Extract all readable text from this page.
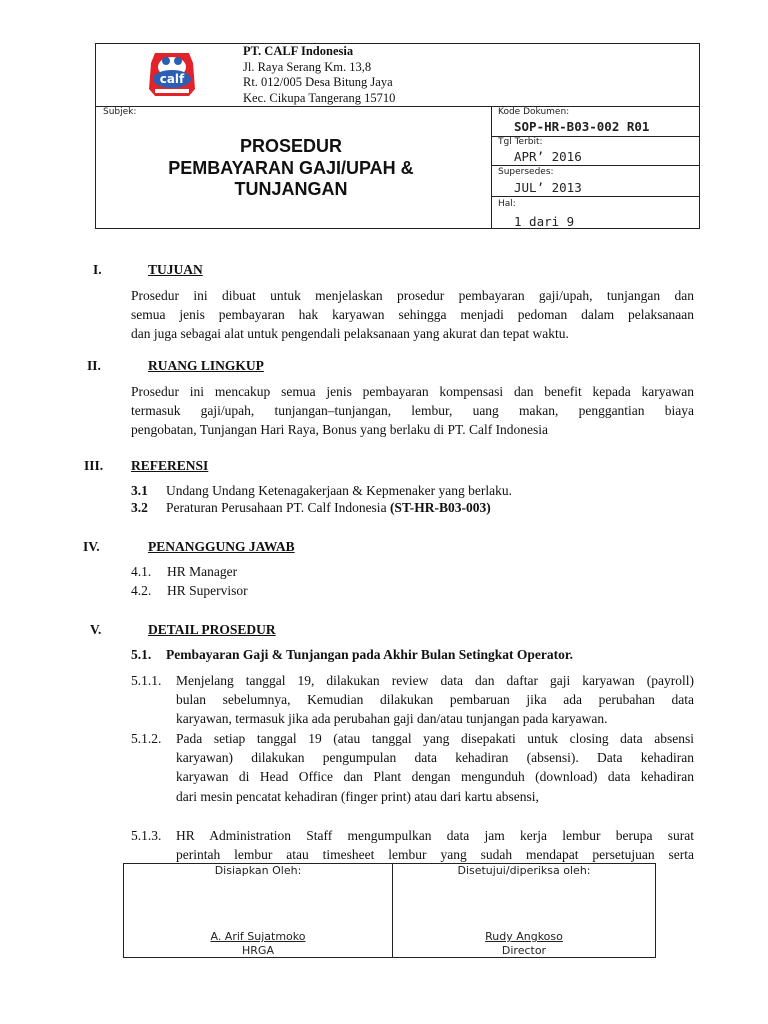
calf
PT. CALF Indonesia
Jl. Raya Serang Km. 13,8
Rt. 012/005 Desa Bitung Jaya
Kec. Cikupa Tangerang 15710
Subjek:
PROSEDUR
PEMBAYARAN GAJI/UPAH &
TUNJANGAN
Kode Dokumen:
SOP-HR-B03-002 R01
Tgl Terbit:
APR’ 2016
Supersedes:
JUL’ 2013
Hal:
1 dari 9
I.	TUJUAN
Prosedur ini dibuat untuk menjelaskan prosedur pembayaran gaji/upah, tunjangan dan
semua jenis pembayaran hak karyawan sehingga menjadi pedoman dalam pelaksanaan
dan juga sebagai alat untuk pengendali pelaksanaan yang akurat dan tepat waktu.
II.	RUANG LINGKUP
Prosedur ini mencakup semua jenis pembayaran kompensasi dan benefit kepada karyawan
termasuk gaji/upah, tunjangan–tunjangan, lembur, uang makan, penggantian biaya
pengobatan, Tunjangan Hari Raya, Bonus yang berlaku di PT. Calf Indonesia
III. REFERENSI
3.1 Undang Undang Ketenagakerjaan & Kepmenaker yang berlaku.
3.2 Peraturan Perusahaan PT. Calf Indonesia (ST-HR-B03-003)
IV.	PENANGGUNG JAWAB
4.1. HR Manager
4.2. HR Supervisor
V.	DETAIL PROSEDUR
5.1. Pembayaran Gaji & Tunjangan pada Akhir Bulan Setingkat Operator.
5.1.1. Menjelang tanggal 19, dilakukan review data dan daftar gaji karyawan (payroll)
bulan sebelumnya, Kemudian dilakukan pembaruan jika ada perubahan data
karyawan, termasuk jika ada perubahan gaji dan/atau tunjangan pada karyawan.
5.1.2. Pada setiap tanggal 19 (atau tanggal yang disepakati untuk closing data absensi
karyawan) dilakukan pengumpulan data kehadiran (absensi). Data kehadiran
karyawan di Head Office dan Plant dengan mengunduh (download) data kehadiran
dari mesin pencatat kehadiran (finger print) atau dari kartu absensi,
5.1.3. HR Administration Staff mengumpulkan data jam kerja lembur berupa surat
perintah lembur atau timesheet lembur yang sudah mendapat persetujuan serta
Disiapkan Oleh:
A. Arif Sujatmoko
HRGA
Disetujui/diperiksa oleh:
Rudy Angkoso
Director
